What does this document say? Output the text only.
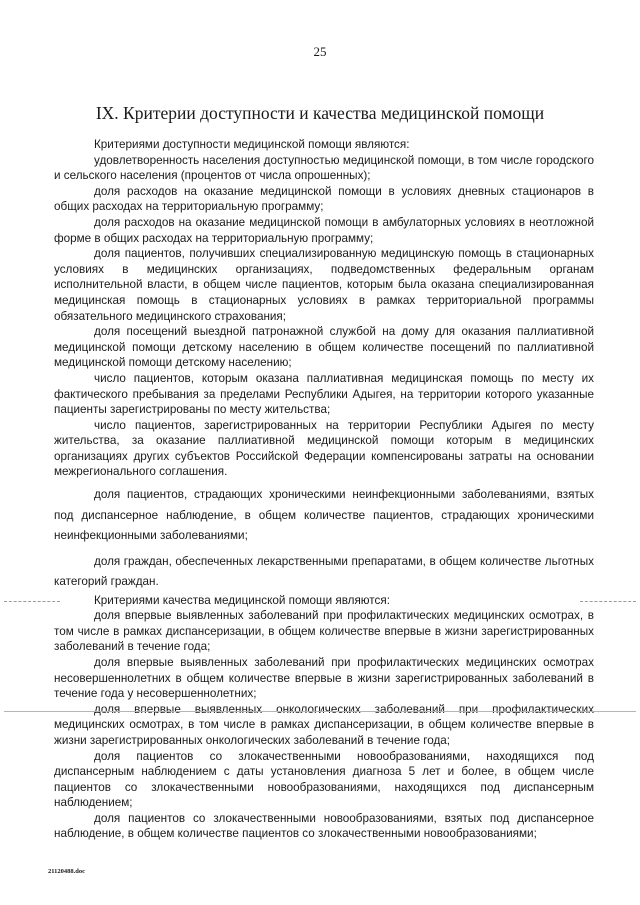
25
IX. Критерии доступности и качества медицинской помощи

Критериями доступности медицинской помощи являются:

удовлетворенность населения доступностью медицинской помощи, в том числе городского и сельского населения (процентов от числа опрошенных);

доля расходов на оказание медицинской помощи в условиях дневных стационаров в общих расходах на территориальную программу;

доля расходов на оказание медицинской помощи в амбулаторных условиях в неотложной форме в общих расходах на территориальную программу;

доля пациентов, получивших специализированную медицинскую помощь в стационарных условиях в медицинских организациях, подведомственных федеральным органам исполнительной власти, в общем числе пациентов, которым была оказана специализированная медицинская помощь в стационарных условиях в рамках территориальной программы обязательного медицинского страхования;

доля посещений выездной патронажной службой на дому для оказания паллиативной медицинской помощи детскому населению в общем количестве посещений по паллиативной медицинской помощи детскому населению;

число пациентов, которым оказана паллиативная медицинская помощь по месту их фактического пребывания за пределами Республики Адыгея, на территории которого указанные пациенты зарегистрированы по месту жительства;

число пациентов, зарегистрированных на территории Республики Адыгея по месту жительства, за оказание паллиативной медицинской помощи которым в медицинских организациях других субъектов Российской Федерации компенсированы затраты на основании межрегионального соглашения.

доля пациентов, страдающих хроническими неинфекционными заболеваниями, взятых под диспансерное наблюдение, в общем количестве пациентов, страдающих хроническими неинфекционными заболеваниями;

доля граждан, обеспеченных лекарственными препаратами, в общем количестве льготных категорий граждан.

Критериями качества медицинской помощи являются:

доля впервые выявленных заболеваний при профилактических медицинских осмотрах, в том числе в рамках диспансеризации, в общем количестве впервые в жизни зарегистрированных заболеваний в течение года;

доля впервые выявленных заболеваний при профилактических медицинских осмотрах несовершеннолетних в общем количестве впервые в жизни зарегистрированных заболеваний в течение года у несовершеннолетних;

доля впервые выявленных онкологических заболеваний при профилактических медицинских осмотрах, в том числе в рамках диспансеризации, в общем количестве впервые в жизни зарегистрированных онкологических заболеваний в течение года;

доля пациентов со злокачественными новообразованиями, находящихся под диспансерным наблюдением с даты установления диагноза 5 лет и более, в общем числе пациентов со злокачественными новообразованиями, находящихся под диспансерным наблюдением;

доля пациентов со злокачественными новообразованиями, взятых под диспансерное наблюдение, в общем количестве пациентов со злокачественными новообразованиями;

21120488.doc
